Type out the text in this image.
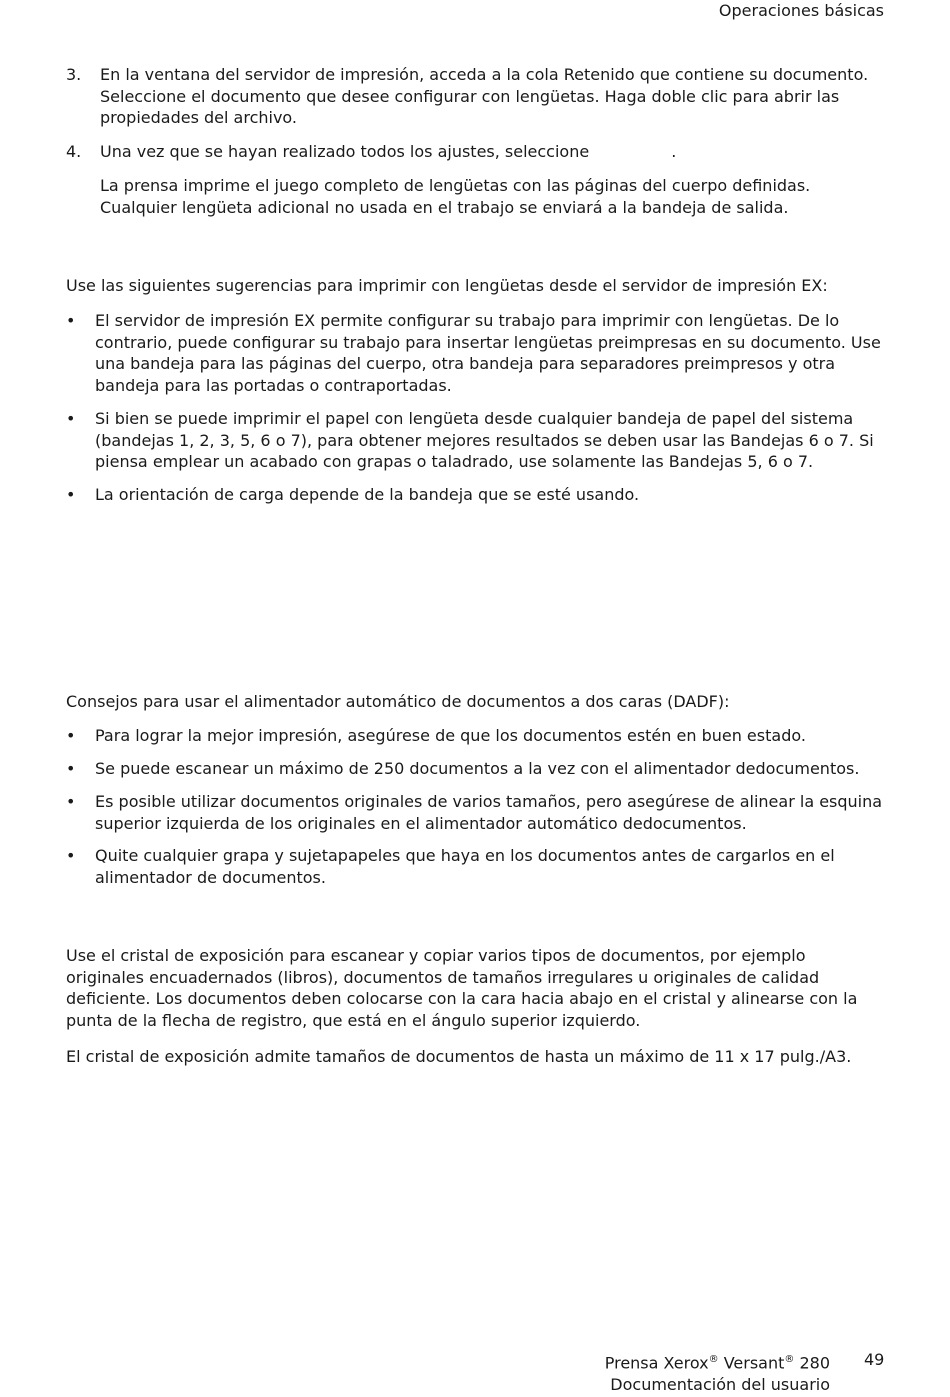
Operaciones básicas
3.	En la ventana del servidor de impresión, acceda a la cola Retenido que contiene su documento. Seleccione el documento que desee configurar con lengüetas. Haga doble clic para abrir las propiedades del archivo.

4.	Una vez que se hayan realizado todos los ajustes, seleccione	.

La prensa imprime el juego completo de lengüetas con las páginas del cuerpo definidas. Cualquier lengüeta adicional no usada en el trabajo se enviará a la bandeja de salida.

Use las siguientes sugerencias para imprimir con lengüetas desde el servidor de impresión EX:

•	El servidor de impresión EX permite configurar su trabajo para imprimir con lengüetas. De lo contrario, puede configurar su trabajo para insertar lengüetas preimpresas en su documento. Use una bandeja para las páginas del cuerpo, otra bandeja para separadores preimpresos y otra bandeja para las portadas o contraportadas.

•	Si bien se puede imprimir el papel con lengüeta desde cualquier bandeja de papel del sistema (bandejas 1, 2, 3, 5, 6 o 7), para obtener mejores resultados se deben usar las Bandejas 6 o 7. Si piensa emplear un acabado con grapas o taladrado, use solamente las Bandejas 5, 6 o 7.

•	La orientación de carga depende de la bandeja que se esté usando.

Consejos para usar el alimentador automático de documentos a dos caras (DADF):

•	Para lograr la mejor impresión, asegúrese de que los documentos estén en buen estado.

•	Se puede escanear un máximo de 250 documentos a la vez con el alimentador dedocumentos.

•	Es posible utilizar documentos originales de varios tamaños, pero asegúrese de alinear la esquina superior izquierda de los originales en el alimentador automático dedocumentos.

•	Quite cualquier grapa y sujetapapeles que haya en los documentos antes de cargarlos en el alimentador de documentos.

Use el cristal de exposición para escanear y copiar varios tipos de documentos, por ejemplo originales encuadernados (libros), documentos de tamaños irregulares u originales de calidad deficiente. Los documentos deben colocarse con la cara hacia abajo en el cristal y alinearse con la punta de la flecha de registro, que está en el ángulo superior izquierdo.

El cristal de exposición admite tamaños de documentos de hasta un máximo de 11 x 17 pulg./A3.

Prensa Xerox® Versant® 280
Documentación del usuario
49
